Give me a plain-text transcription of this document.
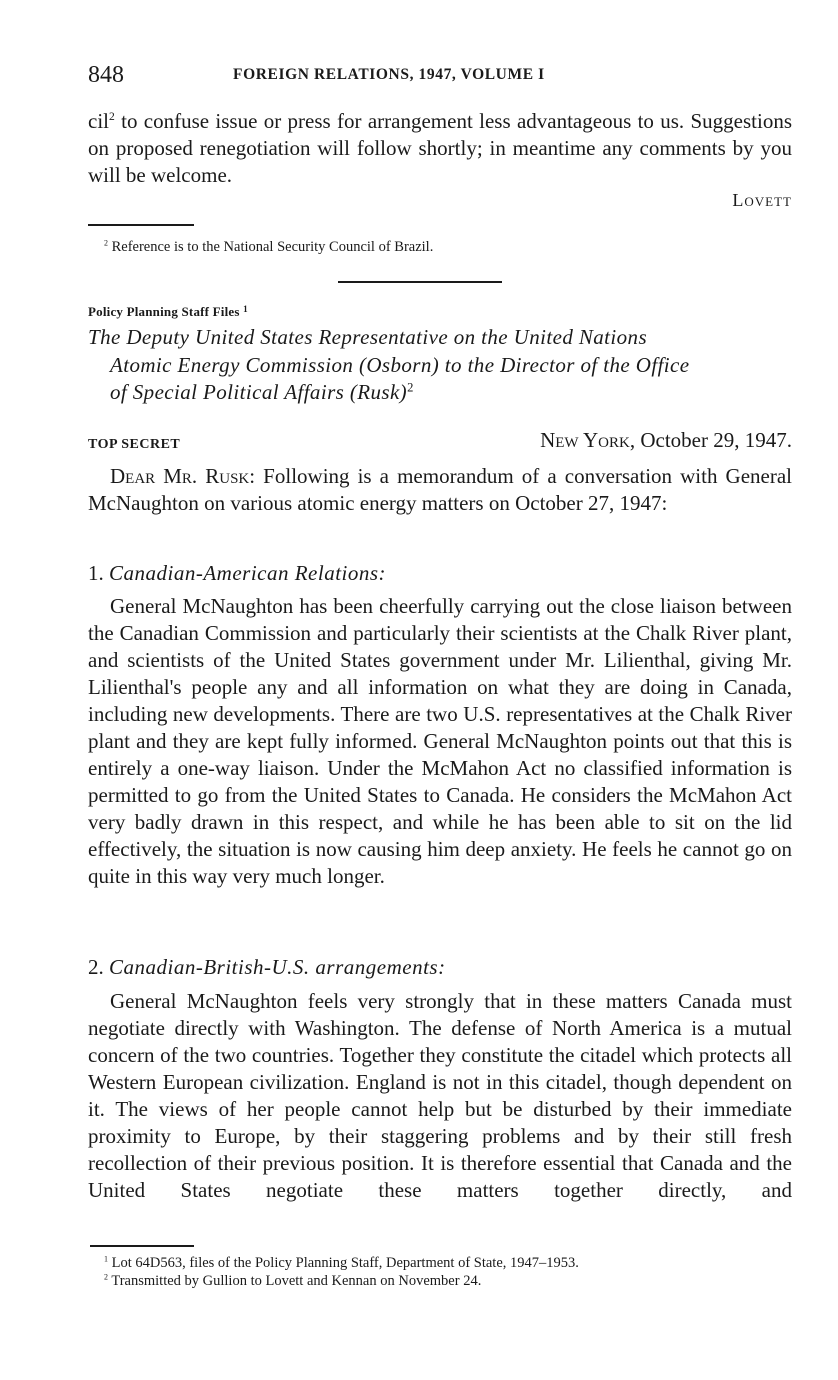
848	FOREIGN RELATIONS, 1947, VOLUME I

cil$^2$ to confuse issue or press for arrangement less advantageous to us. Suggestions on proposed renegotiation will follow shortly; in meantime any comments by you will be welcome.

Lovett
$^2$ Reference is to the National Security Council of Brazil.
Policy Planning Staff Files $^1$
The Deputy United States Representative on the United Nations
Atomic Energy Commission (Osborn) to the Director of the Office
of Special Political Affairs (Rusk)$^2$
TOP SECRET	New York, October 29, 1947.

Dear Mr. Rusk: Following is a memorandum of a conversation with General McNaughton on various atomic energy matters on October 27, 1947:

1. Canadian-American Relations:

General McNaughton has been cheerfully carrying out the close liaison between the Canadian Commission and particularly their scientists at the Chalk River plant, and scientists of the United States government under Mr. Lilienthal, giving Mr. Lilienthal's people any and all information on what they are doing in Canada, including new developments. There are two U.S. representatives at the Chalk River plant and they are kept fully informed. General McNaughton points out that this is entirely a one-way liaison. Under the McMahon Act no classified information is permitted to go from the United States to Canada. He considers the McMahon Act very badly drawn in this respect, and while he has been able to sit on the lid effectively, the situation is now causing him deep anxiety. He feels he cannot go on quite in this way very much longer.

2. Canadian-British-U.S. arrangements:

General McNaughton feels very strongly that in these matters Canada must negotiate directly with Washington. The defense of North America is a mutual concern of the two countries. Together they constitute the citadel which protects all Western European civilization. England is not in this citadel, though dependent on it. The views of her people cannot help but be disturbed by their immediate proximity to Europe, by their staggering problems and by their still fresh recollection of their previous position. It is therefore essential that Canada and the United States negotiate these matters together directly, and

$^1$ Lot 64D563, files of the Policy Planning Staff, Department of State, 1947–1953.
$^2$ Transmitted by Gullion to Lovett and Kennan on November 24.
